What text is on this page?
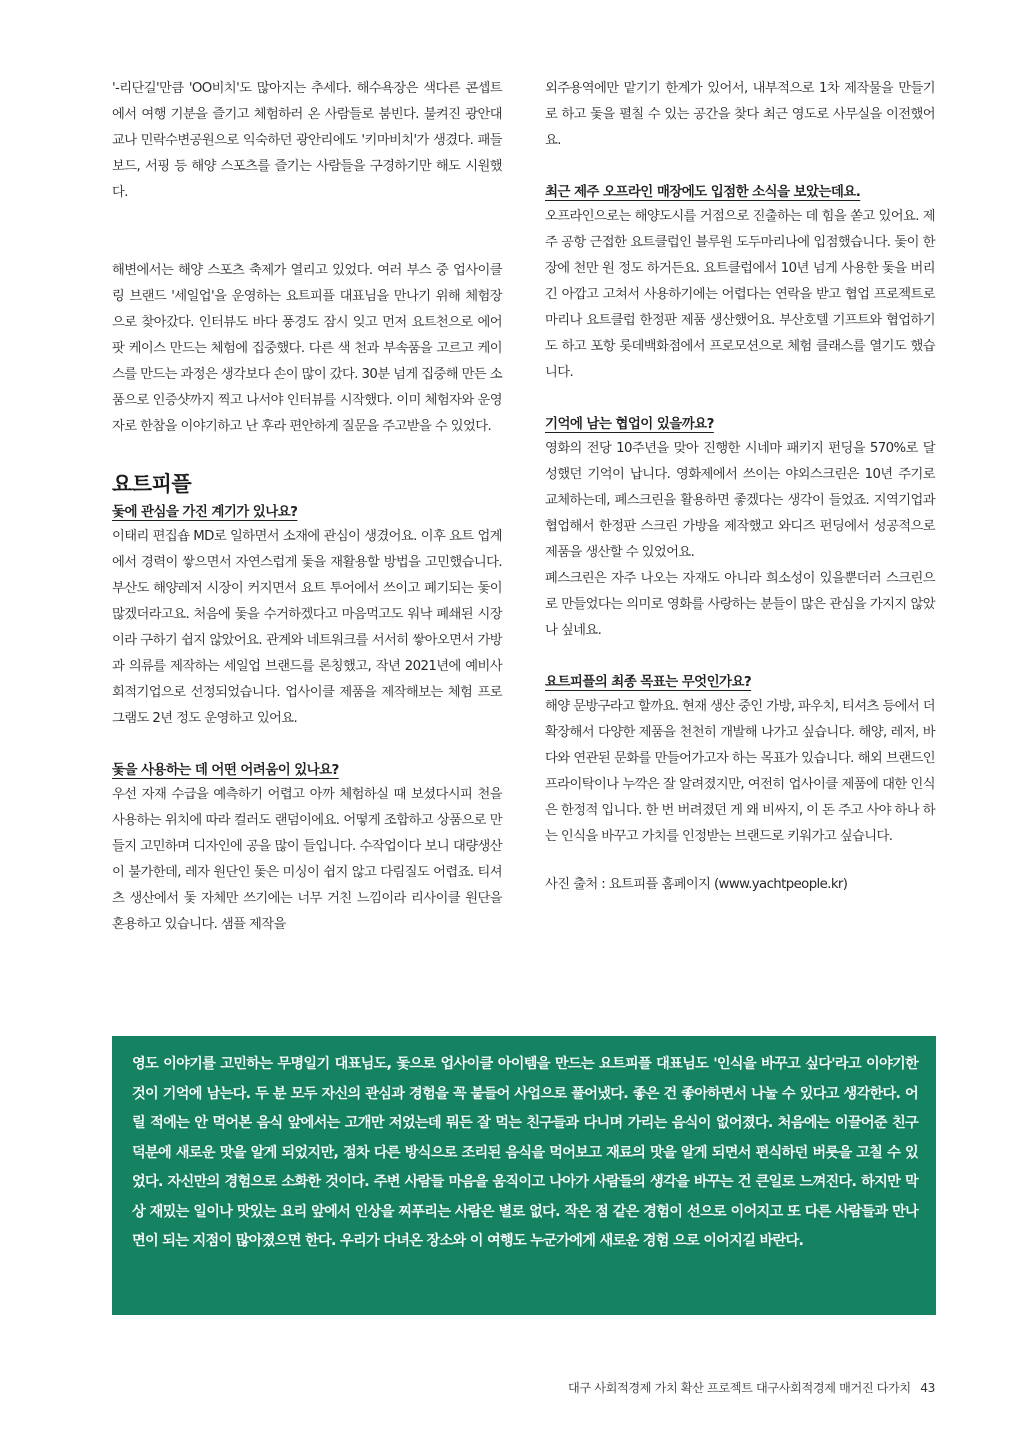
'-리단길'만큼 'OO비치'도 많아지는 추세다. 해수욕장은 색다른 콘셉트에서 여행 기분을 즐기고 체험하러 온 사람들로 붐빈다. 불켜진 광안대교나 민락수변공원으로 익숙하던 광안리에도 '키마비치'가 생겼다. 패들보드, 서핑 등 해양 스포츠를 즐기는 사람들을 구경하기만 해도 시원했다.

해변에서는 해양 스포츠 축제가 열리고 있었다. 여러 부스 중 업사이클링 브랜드 '세일업'을 운영하는 요트피플 대표님을 만나기 위해 체험장으로 찾아갔다. 인터뷰도 바다 풍경도 잠시 잊고 먼저 요트천으로 에어팟 케이스 만드는 체험에 집중했다. 다른 색 천과 부속품을 고르고 케이스를 만드는 과정은 생각보다 손이 많이 갔다. 30분 넘게 집중해 만든 소품으로 인증샷까지 찍고 나서야 인터뷰를 시작했다. 이미 체험자와 운영자로 한참을 이야기하고 난 후라 편안하게 질문을 주고받을 수 있었다.

요트피플

돛에 관심을 가진 계기가 있나요?

이태리 편집숍 MD로 일하면서 소재에 관심이 생겼어요. 이후 요트 업계에서 경력이 쌓으면서 자연스럽게 돛을 재활용할 방법을 고민했습니다. 부산도 해양레저 시장이 커지면서 요트 투어에서 쓰이고 폐기되는 돛이 많겠더라고요. 처음에 돛을 수거하겠다고 마음먹고도 워낙 폐쇄된 시장이라 구하기 쉽지 않았어요. 관계와 네트워크를 서서히 쌓아오면서 가방과 의류를 제작하는 세일업 브랜드를 론칭했고, 작년 2021년에 예비사회적기업으로 선정되었습니다. 업사이클 제품을 제작해보는 체험 프로그램도 2년 정도 운영하고 있어요.

돛을 사용하는 데 어떤 어려움이 있나요?

우선 자재 수급을 예측하기 어렵고 아까 체험하실 때 보셨다시피 천을 사용하는 위치에 따라 컬러도 랜덤이에요. 어떻게 조합하고 상품으로 만들지 고민하며 디자인에 공을 많이 들입니다. 수작업이다 보니 대량생산이 불가한데, 레자 원단인 돛은 미싱이 쉽지 않고 다림질도 어렵죠. 티셔츠 생산에서 돛 자체만 쓰기에는 너무 거친 느낌이라 리사이클 원단을 혼용하고 있습니다. 샘플 제작을

외주용역에만 맡기기 한계가 있어서, 내부적으로 1차 제작물을 만들기로 하고 돛을 펼칠 수 있는 공간을 찾다 최근 영도로 사무실을 이전했어요.

최근 제주 오프라인 매장에도 입점한 소식을 보았는데요.

오프라인으로는 해양도시를 거점으로 진출하는 데 힘을 쏟고 있어요. 제주 공항 근접한 요트클럽인 블루원 도두마리나에 입점했습니다. 돛이 한 장에 천만 원 정도 하거든요. 요트클럽에서 10년 넘게 사용한 돛을 버리긴 아깝고 고쳐서 사용하기에는 어렵다는 연락을 받고 협업 프로젝트로 마리나 요트클럽 한정판 제품 생산했어요. 부산호텔 기프트와 협업하기도 하고 포항 롯데백화점에서 프로모션으로 체험 클래스를 열기도 했습니다.

기억에 남는 협업이 있을까요?

영화의 전당 10주년을 맞아 진행한 시네마 패키지 펀딩을 570%로 달성했던 기억이 납니다. 영화제에서 쓰이는 야외스크린은 10년 주기로 교체하는데, 폐스크린을 활용하면 좋겠다는 생각이 들었죠. 지역기업과 협업해서 한정판 스크린 가방을 제작했고 와디즈 펀딩에서 성공적으로 제품을 생산할 수 있었어요.

폐스크린은 자주 나오는 자재도 아니라 희소성이 있을뿐더러 스크린으로 만들었다는 의미로 영화를 사랑하는 분들이 많은 관심을 가지지 않았나 싶네요.

요트피플의 최종 목표는 무엇인가요?

해양 문방구라고 할까요. 현재 생산 중인 가방, 파우치, 티셔츠 등에서 더 확장해서 다양한 제품을 천천히 개발해 나가고 싶습니다. 해양, 레저, 바다와 연관된 문화를 만들어가고자 하는 목표가 있습니다. 해외 브랜드인 프라이탁이나 누깍은 잘 알려졌지만, 여전히 업사이클 제품에 대한 인식은 한정적 입니다. 한 번 버려졌던 게 왜 비싸지, 이 돈 주고 사야 하나 하는 인식을 바꾸고 가치를 인정받는 브랜드로 키워가고 싶습니다.

사진 출처 : 요트피플 홈페이지 (www.yachtpeople.kr)

영도 이야기를 고민하는 무명일기 대표님도, 돛으로 업사이클 아이템을 만드는 요트피플 대표님도 '인식을 바꾸고 싶다'라고 이야기한 것이 기억에 남는다. 두 분 모두 자신의 관심과 경험을 꼭 붙들어 사업으로 풀어냈다. 좋은 건 좋아하면서 나눌 수 있다고 생각한다. 어릴 적에는 안 먹어본 음식 앞에서는 고개만 저었는데 뭐든 잘 먹는 친구들과 다니며 가리는 음식이 없어졌다. 처음에는 이끌어준 친구 덕분에 새로운 맛을 알게 되었지만, 점차 다른 방식으로 조리된 음식을 먹어보고 재료의 맛을 알게 되면서 편식하던 버릇을 고칠 수 있었다. 자신만의 경험으로 소화한 것이다. 주변 사람들 마음을 움직이고 나아가 사람들의 생각을 바꾸는 건 큰일로 느껴진다. 하지만 막상 재밌는 일이나 맛있는 요리 앞에서 인상을 찌푸리는 사람은 별로 없다. 작은 점 같은 경험이 선으로 이어지고 또 다른 사람들과 만나 면이 되는 지점이 많아졌으면 한다. 우리가 다녀온 장소와 이 여행도 누군가에게 새로운 경험 으로 이어지길 바란다.

대구 사회적경제 가치 확산 프로젝트 대구사회적경제 매거진 다가치 43
